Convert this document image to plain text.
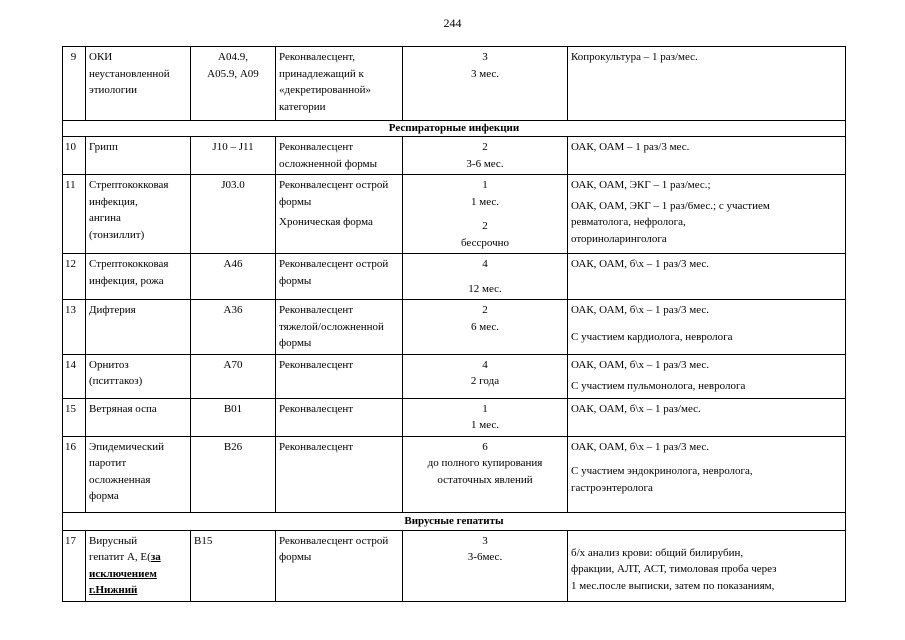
244
9	ОКИ
неустановленной
этиологии	А04.9,
А05.9, А09	Реконвалесцент,
принадлежащий к
«декретированной»
категории	3
3 мес.	Копрокультура – 1 раз/мес.

Респираторные инфекции					
10	Грипп	J10 – J11	Реконвалесцент
осложненной формы	2
3-6 мес.	ОАК, ОАМ – 1 раз/3 мес.

11	Стрептококковая
инфекция,
ангина
(тонзиллит)	J03.0	Реконвалесцент острой
формы
Хроническая форма	1
1 мес.
2
бессрочно	ОАК, ОАМ, ЭКГ – 1 раз/мес.;
ОАК, ОАМ, ЭКГ – 1 раз/6мес.; с участием
ревматолога, нефролога,
оториноларинголога

12	Стрептококковая
инфекция, рожа	А46	Реконвалесцент острой
формы	4
12 мес.	ОАК, ОАМ, б\х – 1 раз/3 мес.

13	Дифтерия	А36	Реконвалесцент
тяжелой/осложненной
формы	2
6 мес.	ОАК, ОАМ, б\х – 1 раз/3 мес.
С участием кардиолога, невролога

14	Орнитоз
(пситтакоз)	А70	Реконвалесцент	4
2 года	ОАК, ОАМ, б\х – 1 раз/3 мес.
С участием пульмонолога, невролога

15	Ветряная оспа	В01	Реконвалесцент	1
1 мес.	ОАК, ОАМ, б\х – 1 раз/мес.

16	Эпидемический
паротит
осложненная
форма	В26	Реконвалесцент	6
до полного купирования
остаточных явлений	ОАК, ОАМ, б\х – 1 раз/3 мес.
С участием эндокринолога, невролога,
гастроэнтеролога

Вирусные гепатиты					
17	Вирусный
гепатит А, Е(за
исключением
г.Нижний	В15	Реконвалесцент острой
формы	3
3-6мес.	б/х анализ крови: общий билирубин,
фракции, АЛТ, АСТ, тимоловая проба через
1 мес.после выписки, затем по показаниям,
